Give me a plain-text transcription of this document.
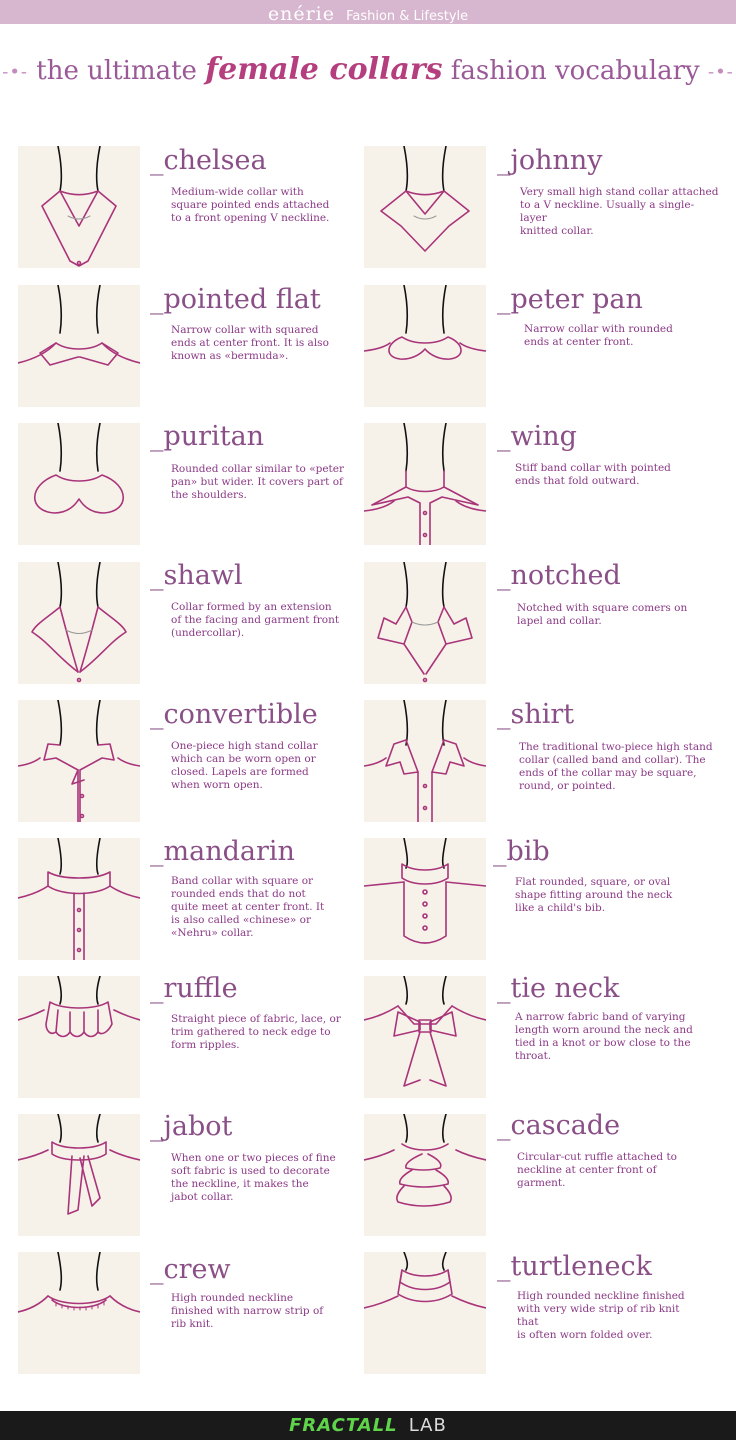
enérie Fashion & Lifestyle
-•- the ultimate female collars fashion vocabulary -•-
_chelsea
Medium-wide collar with
square pointed ends attached
to a front opening V neckline.
_johnny
Very small high stand collar attached
to a V neckline. Usually a single-layer
knitted collar.
_pointed flat
Narrow collar with squared
ends at center front. It is also
known as «bermuda».
_peter pan
Narrow collar with rounded
ends at center front.
_puritan
Rounded collar similar to «peter
pan» but wider. It covers part of
the shoulders.
_wing
Stiff band collar with pointed
ends that fold outward.
_shawl
Collar formed by an extension
of the facing and garment front
(undercollar).
_notched
Notched with square comers on
lapel and collar.
_convertible
One-piece high stand collar
which can be worn open or
closed. Lapels are formed
when worn open.
_shirt
The traditional two-piece high stand
collar (called band and collar). The
ends of the collar may be square,
round, or pointed.
_mandarin
Band collar with square or
rounded ends that do not
quite meet at center front. It
is also called «chinese» or
«Nehru» collar.
_bib
Flat rounded, square, or oval
shape fitting around the neck
like a child's bib.
_ruffle
Straight piece of fabric, lace, or
trim gathered to neck edge to
form ripples.
_tie neck
A narrow fabric band of varying
length worn around the neck and
tied in a knot or bow close to the
throat.
_jabot
When one or two pieces of fine
soft fabric is used to decorate
the neckline, it makes the
jabot collar.
_cascade
Circular-cut ruffle attached to
neckline at center front of
garment.
_crew
High rounded neckline
finished with narrow strip of
rib knit.
_turtleneck
High rounded neckline finished
with very wide strip of rib knit that
is often worn folded over.
FRACTALL LAB
